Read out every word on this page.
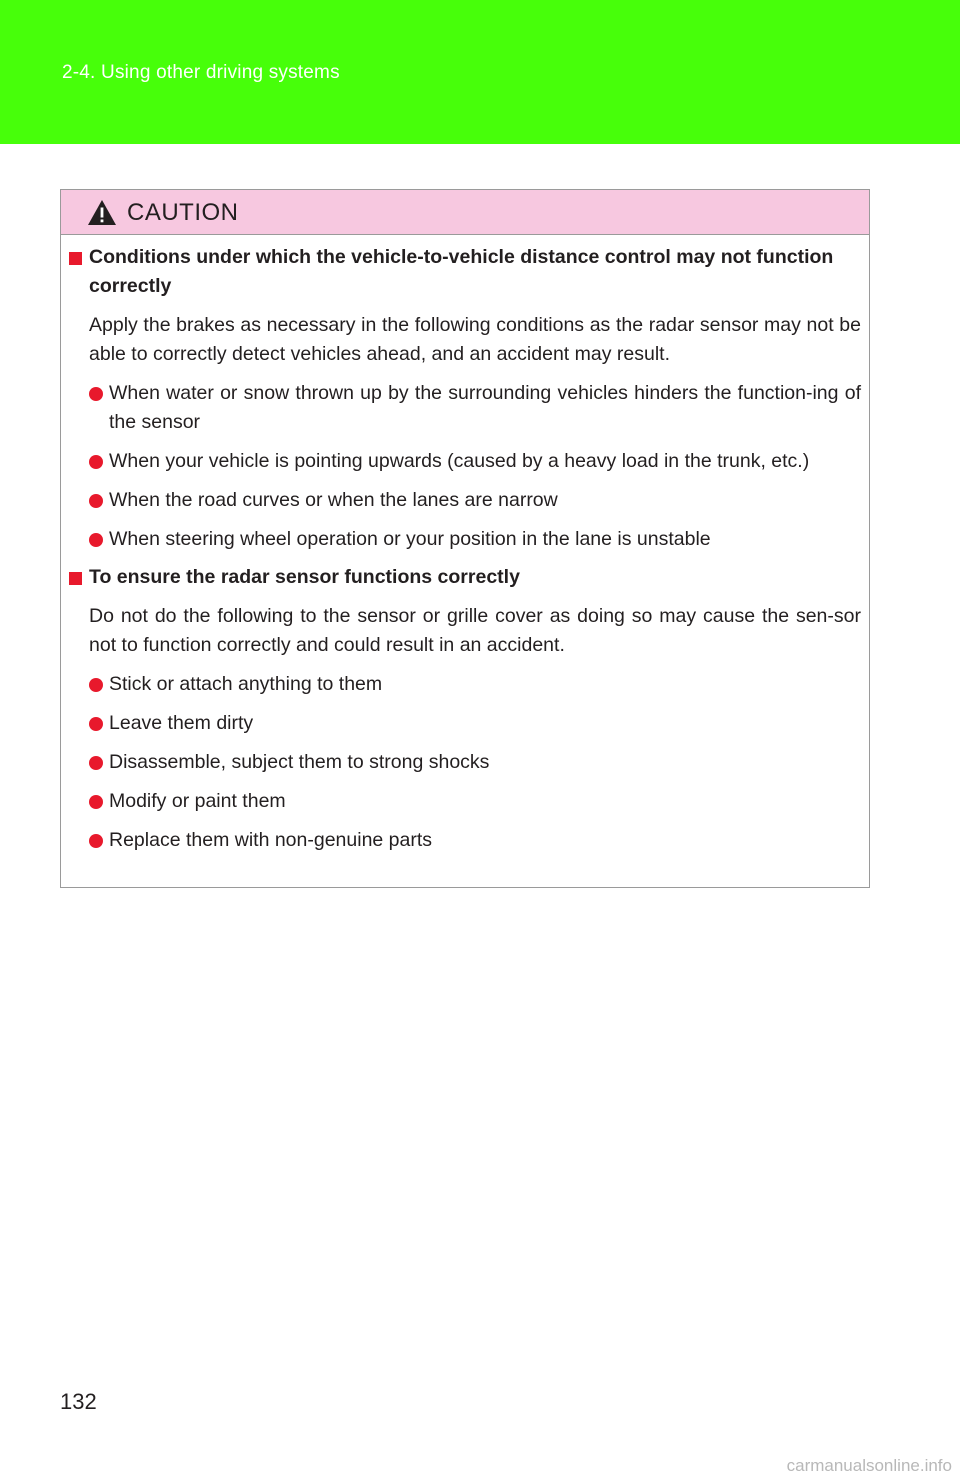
2-4. Using other driving systems
CAUTION
Conditions under which the vehicle-to-vehicle distance control may not function correctly
Apply the brakes as necessary in the following conditions as the radar sensor may not be able to correctly detect vehicles ahead, and an accident may result.
When water or snow thrown up by the surrounding vehicles hinders the function-ing of the sensor
When your vehicle is pointing upwards (caused by a heavy load in the trunk, etc.)
When the road curves or when the lanes are narrow
When steering wheel operation or your position in the lane is unstable
To ensure the radar sensor functions correctly
Do not do the following to the sensor or grille cover as doing so may cause the sen-sor not to function correctly and could result in an accident.
Stick or attach anything to them
Leave them dirty
Disassemble, subject them to strong shocks
Modify or paint them
Replace them with non-genuine parts
132
carmanualsonline.info
